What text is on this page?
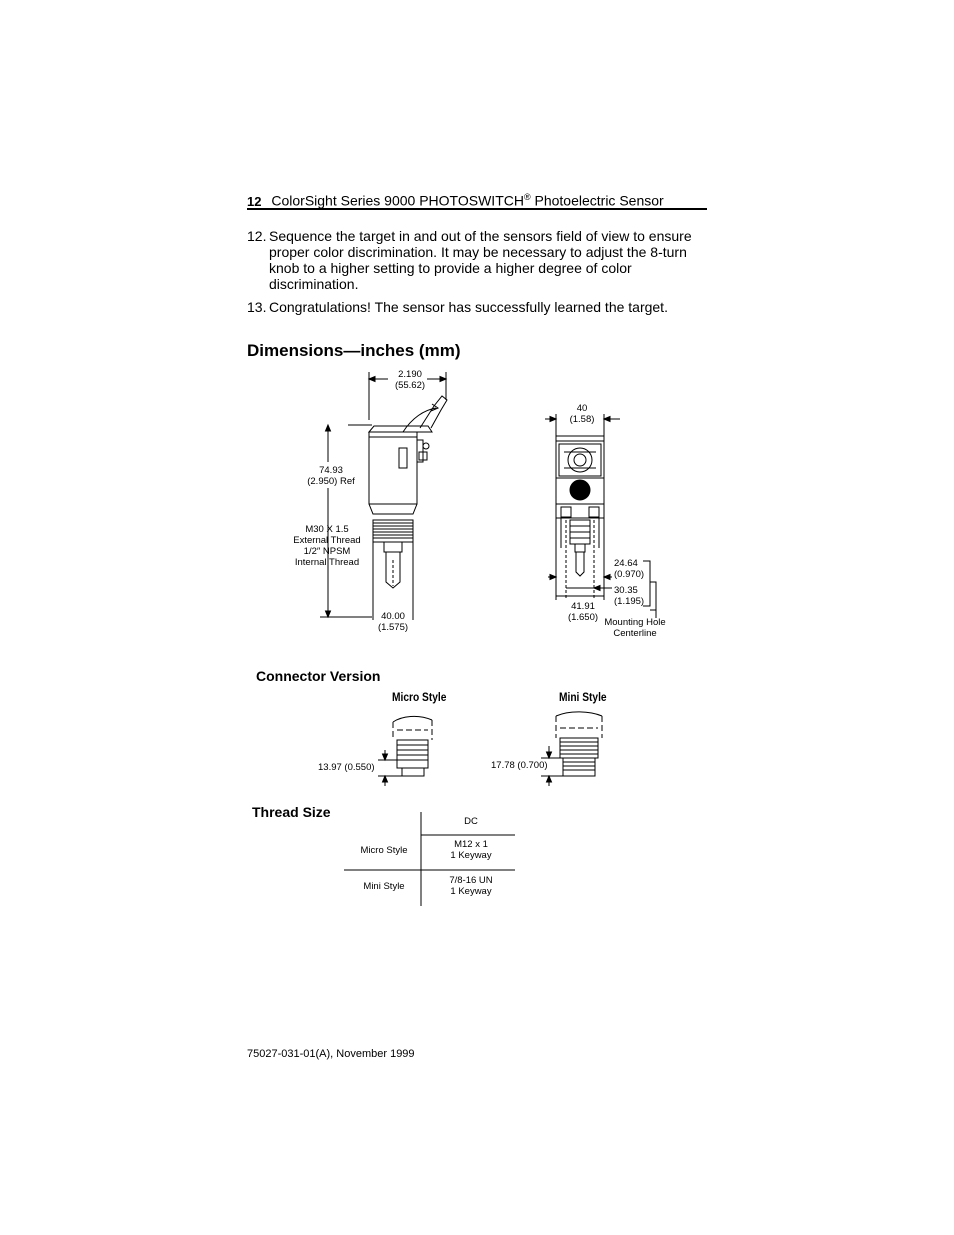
12 ColorSight Series 9000 PHOTOSWITCH® Photoelectric Sensor
12. Sequence the target in and out of the sensors field of view to ensure proper color discrimination. It may be necessary to adjust the 8-turn knob to a higher setting to provide a higher degree of color discrimination.
13. Congratulations! The sensor has successfully learned the target.
Dimensions—inches (mm)
2.190
(55.62)
74.93
(2.950) Ref
M30 X 1.5
External Thread
1/2″ NPSM
Internal Thread
40.00
(1.575)
40
(1.58)
24.64
(0.970)
30.35
(1.195)
41.91
(1.650) Mounting Hole
Centerline
Connector Version
Micro Style	Mini Style
13.97 (0.550)	17.78 (0.700)
Thread Size
DC
Micro Style
M12 x 1
1 Keyway
Mini Style
7/8-16 UN
1 Keyway
75027-031-01(A), November 1999
